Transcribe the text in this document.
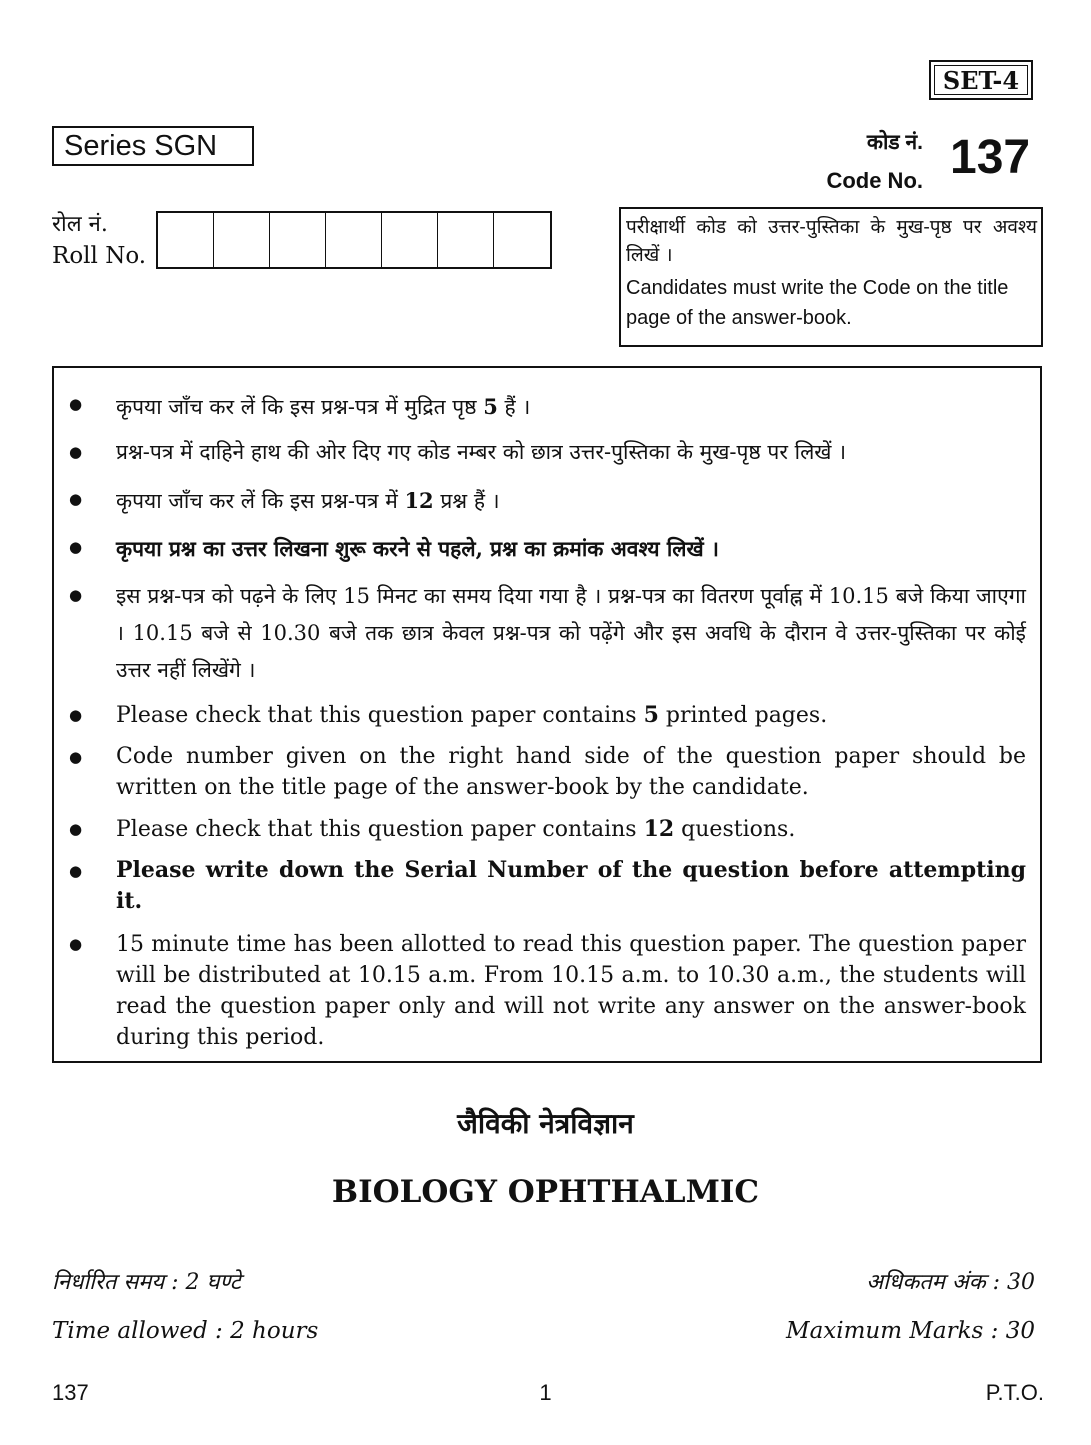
SET-4
Series SGN	कोड नं.
Code No. 137
रोल नं.
Roll No.
परीक्षार्थी कोड को उत्तर-पुस्तिका के मुख-पृष्ठ पर अवश्य लिखें ।
Candidates must write the Code on the title page of the answer-book.
● कृपया जाँच कर लें कि इस प्रश्न-पत्र में मुद्रित पृष्ठ 5 हैं ।
● प्रश्न-पत्र में दाहिने हाथ की ओर दिए गए कोड नम्बर को छात्र उत्तर-पुस्तिका के मुख-पृष्ठ पर लिखें ।
● कृपया जाँच कर लें कि इस प्रश्न-पत्र में 12 प्रश्न हैं ।
● कृपया प्रश्न का उत्तर लिखना शुरू करने से पहले, प्रश्न का क्रमांक अवश्य लिखें ।
● इस प्रश्न-पत्र को पढ़ने के लिए 15 मिनट का समय दिया गया है । प्रश्न-पत्र का वितरण पूर्वाह्न में 10.15 बजे किया जाएगा । 10.15 बजे से 10.30 बजे तक छात्र केवल प्रश्न-पत्र को पढ़ेंगे और इस अवधि के दौरान वे उत्तर-पुस्तिका पर कोई उत्तर नहीं लिखेंगे ।
● Please check that this question paper contains 5 printed pages.
● Code number given on the right hand side of the question paper should be written on the title page of the answer-book by the candidate.
● Please check that this question paper contains 12 questions.
● Please write down the Serial Number of the question before attempting it.
● 15 minute time has been allotted to read this question paper. The question paper will be distributed at 10.15 a.m. From 10.15 a.m. to 10.30 a.m., the students will read the question paper only and will not write any answer on the answer-book during this period.
जैविकी नेत्रविज्ञान
BIOLOGY OPHTHALMIC
निर्धारित समय : 2 घण्टे	अधिकतम अंक : 30
Time allowed : 2 hours	Maximum Marks : 30
137	1	P.T.O.
